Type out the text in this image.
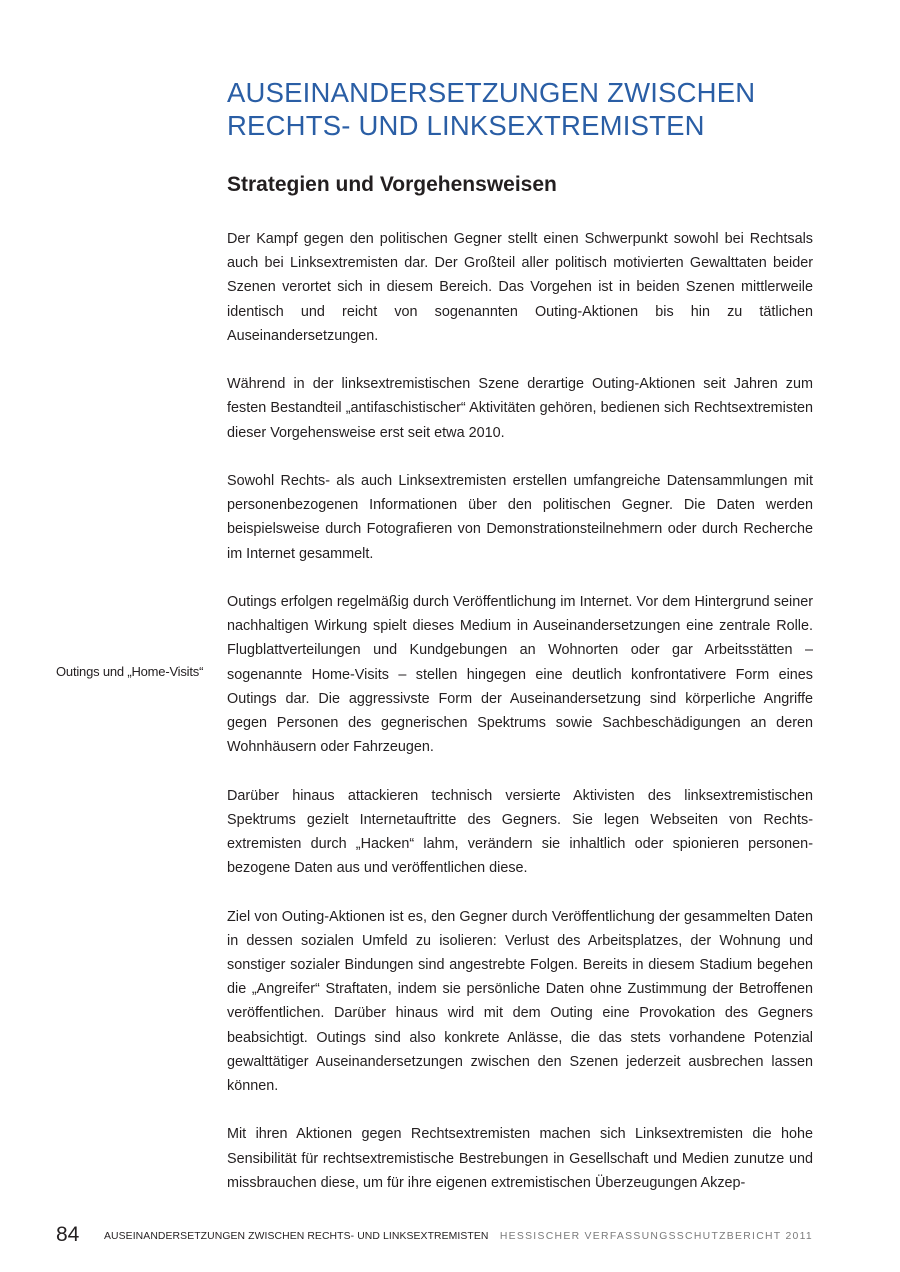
AUSEINANDERSETZUNGEN ZWISCHEN
RECHTS- UND LINKSEXTREMISTEN
Strategien und Vorgehensweisen

Der Kampf gegen den politischen Gegner stellt einen Schwerpunkt sowohl bei Rechtsals auch bei Linksextremisten dar. Der Großteil aller politisch motivierten Gewalttaten beider Szenen verortet sich in diesem Bereich. Das Vorgehen ist in beiden Szenen mittlerweile identisch und reicht von sogenannten Outing-Aktionen bis hin zu tätlichen Auseinandersetzungen.

Während in der linksextremistischen Szene derartige Outing-Aktionen seit Jahren zum festen Bestandteil „antifaschistischer“ Aktivitäten gehören, bedienen sich Rechtsextremisten dieser Vorgehensweise erst seit etwa 2010.

Sowohl Rechts- als auch Linksextremisten erstellen umfangreiche Datensammlungen mit personenbezogenen Informationen über den politischen Gegner. Die Daten werden beispielsweise durch Fotografieren von Demonstrationsteilnehmern oder durch Recherche im Internet gesammelt.

Outings erfolgen regelmäßig durch Veröffentlichung im Internet. Vor dem Hintergrund seiner nachhaltigen Wirkung spielt dieses Medium in Auseinandersetzungen eine zentrale Rolle. Flugblattverteilungen und Kundgebungen an Wohnorten oder gar Arbeitsstätten – sogenannte Home-Visits – stellen hingegen eine deutlich konfrontativere Form eines Outings dar. Die aggressivste Form der Auseinandersetzung sind körperliche Angriffe gegen Personen des gegnerischen Spektrums sowie Sachbeschädigungen an deren Wohnhäusern oder Fahrzeugen.

Darüber hinaus attackieren technisch versierte Aktivisten des linksextremistischen Spektrums gezielt Internetauftritte des Gegners. Sie legen Webseiten von Rechtsextremisten durch „Hacken“ lahm, verändern sie inhaltlich oder spionieren personenbezogene Daten aus und veröffentlichen diese.

Ziel von Outing-Aktionen ist es, den Gegner durch Veröffentlichung der gesammelten Daten in dessen sozialen Umfeld zu isolieren: Verlust des Arbeitsplatzes, der Wohnung und sonstiger sozialer Bindungen sind angestrebte Folgen. Bereits in diesem Stadium begehen die „Angreifer“ Straftaten, indem sie persönliche Daten ohne Zustimmung der Betroffenen veröffentlichen. Darüber hinaus wird mit dem Outing eine Provokation des Gegners beabsichtigt. Outings sind also konkrete Anlässe, die das stets vorhandene Potenzial gewalttätiger Auseinandersetzungen zwischen den Szenen jederzeit ausbrechen lassen können.

Mit ihren Aktionen gegen Rechtsextremisten machen sich Linksextremisten die hohe Sensibilität für rechtsextremistische Bestrebungen in Gesellschaft und Medien zunutze und missbrauchen diese, um für ihre eigenen extremistischen Überzeugungen Akzep-

Outings und „Home-Visits“
84 AUSEINANDERSETZUNGEN ZWISCHEN RECHTS- UND LINKSEXTREMISTEN HESSISCHER VERFASSUNGSSCHUTZBERICHT 2011
